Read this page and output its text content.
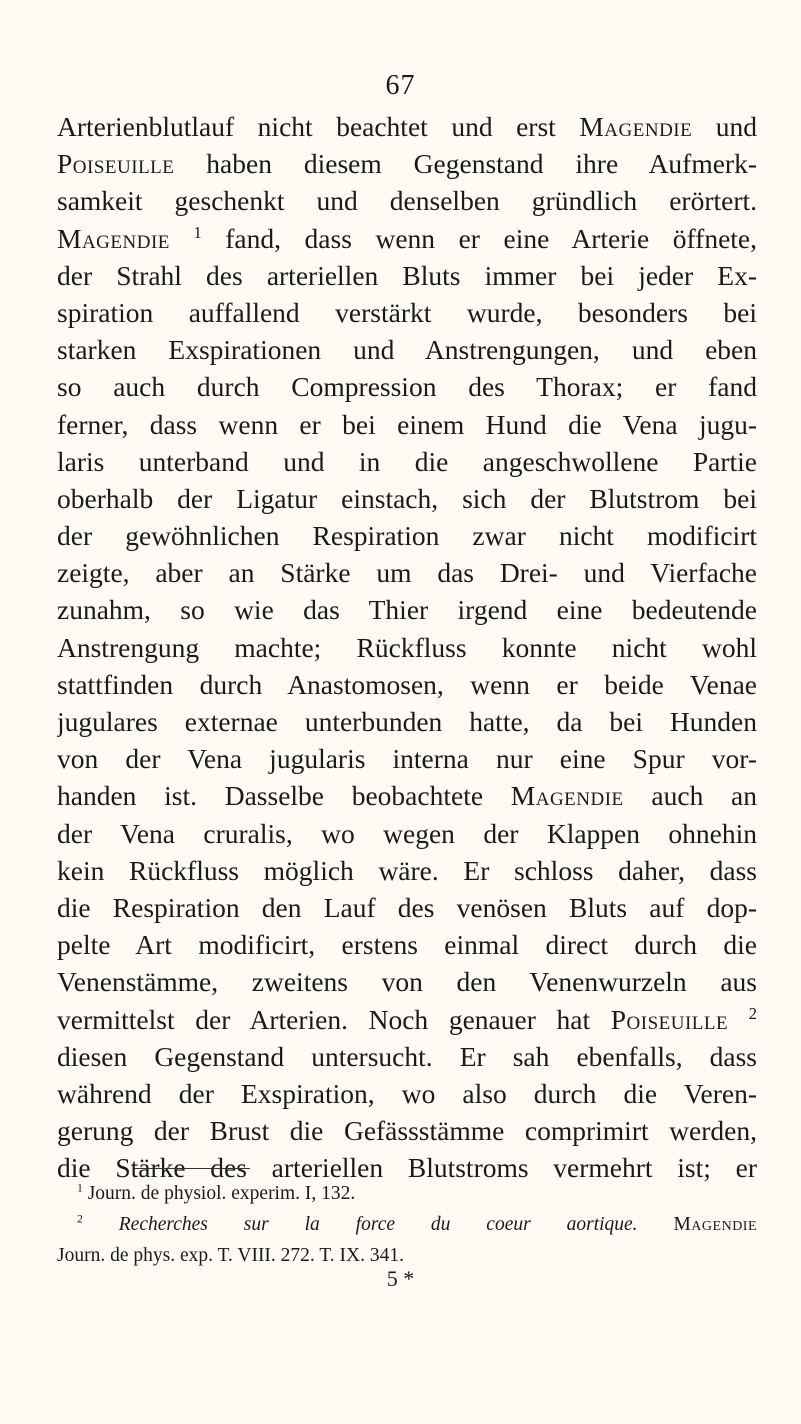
67
Arterienblutlauf nicht beachtet und erst Magendie und
Poiseuille haben diesem Gegenstand ihre Aufmerk-
samkeit geschenkt und denselben gründlich erörtert.
Magendie $^1$ fand, dass wenn er eine Arterie öffnete,
der Strahl des arteriellen Bluts immer bei jeder Ex-
spiration auffallend verstärkt wurde, besonders bei
starken Exspirationen und Anstrengungen, und eben
so auch durch Compression des Thorax; er fand
ferner, dass wenn er bei einem Hund die Vena jugu-
laris unterband und in die angeschwollene Partie
oberhalb der Ligatur einstach, sich der Blutstrom bei
der gewöhnlichen Respiration zwar nicht modificirt
zeigte, aber an Stärke um das Drei- und Vierfache
zunahm, so wie das Thier irgend eine bedeutende
Anstrengung machte; Rückfluss konnte nicht wohl
stattfinden durch Anastomosen, wenn er beide Venae
jugulares externae unterbunden hatte, da bei Hunden
von der Vena jugularis interna nur eine Spur vor-
handen ist. Dasselbe beobachtete Magendie auch an
der Vena cruralis, wo wegen der Klappen ohnehin
kein Rückfluss möglich wäre. Er schloss daher, dass
die Respiration den Lauf des venösen Bluts auf dop-
pelte Art modificirt, erstens einmal direct durch die
Venenstämme, zweitens von den Venenwurzeln aus
vermittelst der Arterien. Noch genauer hat Poiseuille $^2$
diesen Gegenstand untersucht. Er sah ebenfalls, dass
während der Exspiration, wo also durch die Veren-
gerung der Brust die Gefässstämme comprimirt werden,
die Stärke des arteriellen Blutstroms vermehrt ist; er
$^1$ Journ. de physiol. experim. I, 132.
$^2$ Recherches sur la force du coeur aortique. Magendie
Journ. de phys. exp. T. VIII. 272. T. IX. 341.
5 *
